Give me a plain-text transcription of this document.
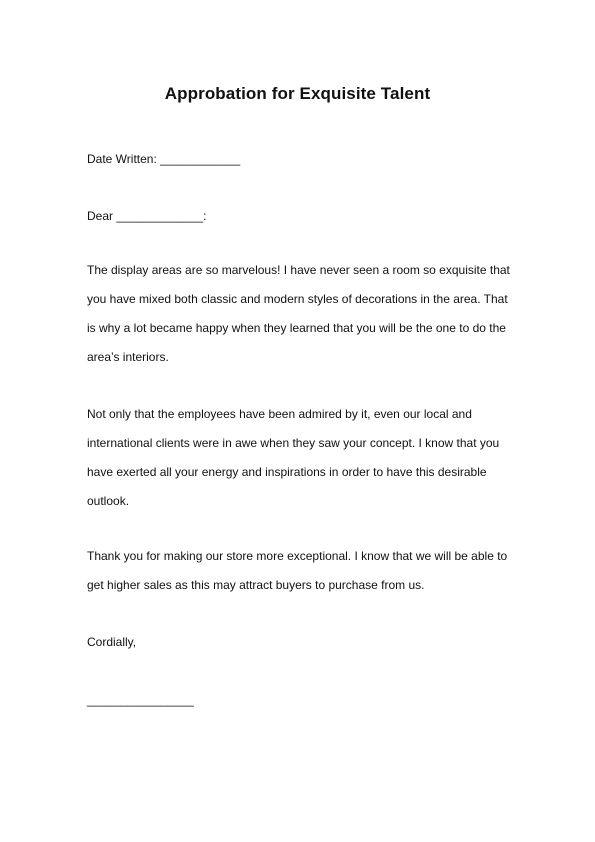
Approbation for Exquisite Talent

Date Written: ____________

Dear _____________:

The display areas are so marvelous! I have never seen a room so exquisite that
you have mixed both classic and modern styles of decorations in the area. That
is why a lot became happy when they learned that you will be the one to do the
area’s interiors.
Not only that the employees have been admired by it, even our local and
international clients were in awe when they saw your concept. I know that you
have exerted all your energy and inspirations in order to have this desirable
outlook.
Thank you for making our store more exceptional. I know that we will be able to
get higher sales as this may attract buyers to purchase from us.

Cordially,

________________
